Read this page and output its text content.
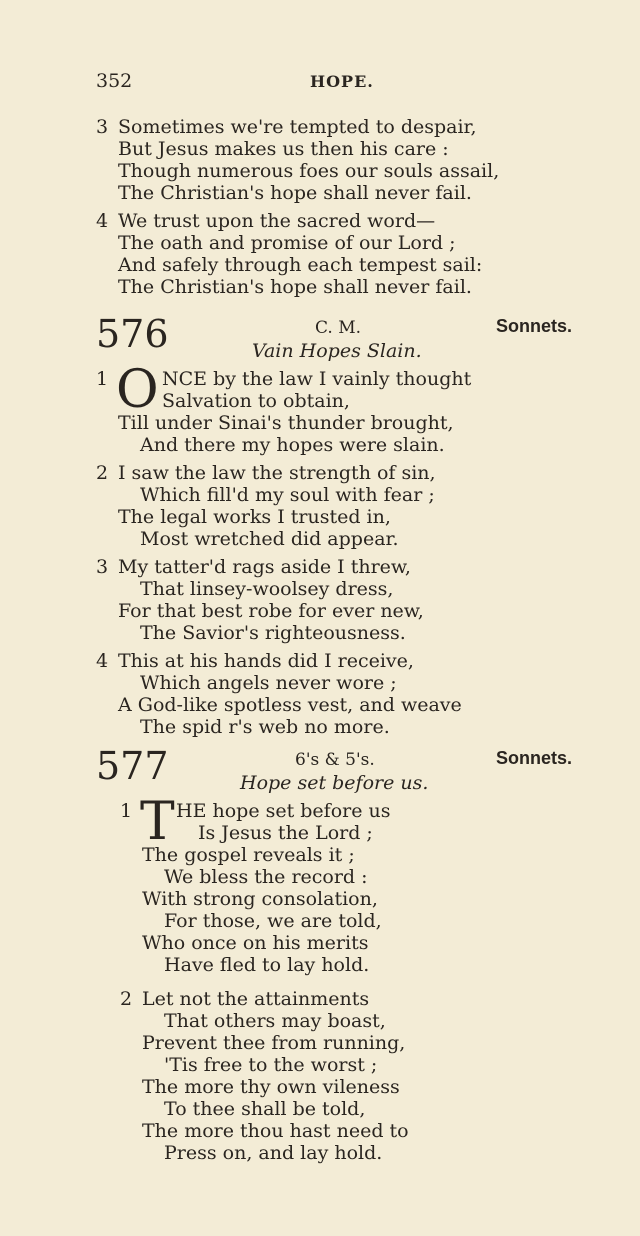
352	HOPE.
3 Sometimes we're tempted to despair,
But Jesus makes us then his care :
Though numerous foes our souls assail,
The Christian's hope shall never fail.
4 We trust upon the sacred word—
The oath and promise of our Lord ;
And safely through each tempest sail:
The Christian's hope shall never fail.
576	C. M.	Sonnets.
Vain Hopes Slain.
1 O NCE by the law I vainly thought
Salvation to obtain,
Till under Sinai's thunder brought,
And there my hopes were slain.
2 I saw the law the strength of sin,
Which fill'd my soul with fear ;
The legal works I trusted in,
Most wretched did appear.
3 My tatter'd rags aside I threw,
That linsey-woolsey dress,
For that best robe for ever new,
The Savior's righteousness.
4 This at his hands did I receive,
Which angels never wore ;
A God-like spotless vest, and weave
The spid r's web no more.
577	6's & 5's.	Sonnets.
Hope set before us.
1 T HE hope set before us
Is Jesus the Lord ;
The gospel reveals it ;
We bless the record :
With strong consolation,
For those, we are told,
Who once on his merits
Have fled to lay hold.
2 Let not the attainments
That others may boast,
Prevent thee from running,
'Tis free to the worst ;
The more thy own vileness
To thee shall be told,
The more thou hast need to
Press on, and lay hold.
